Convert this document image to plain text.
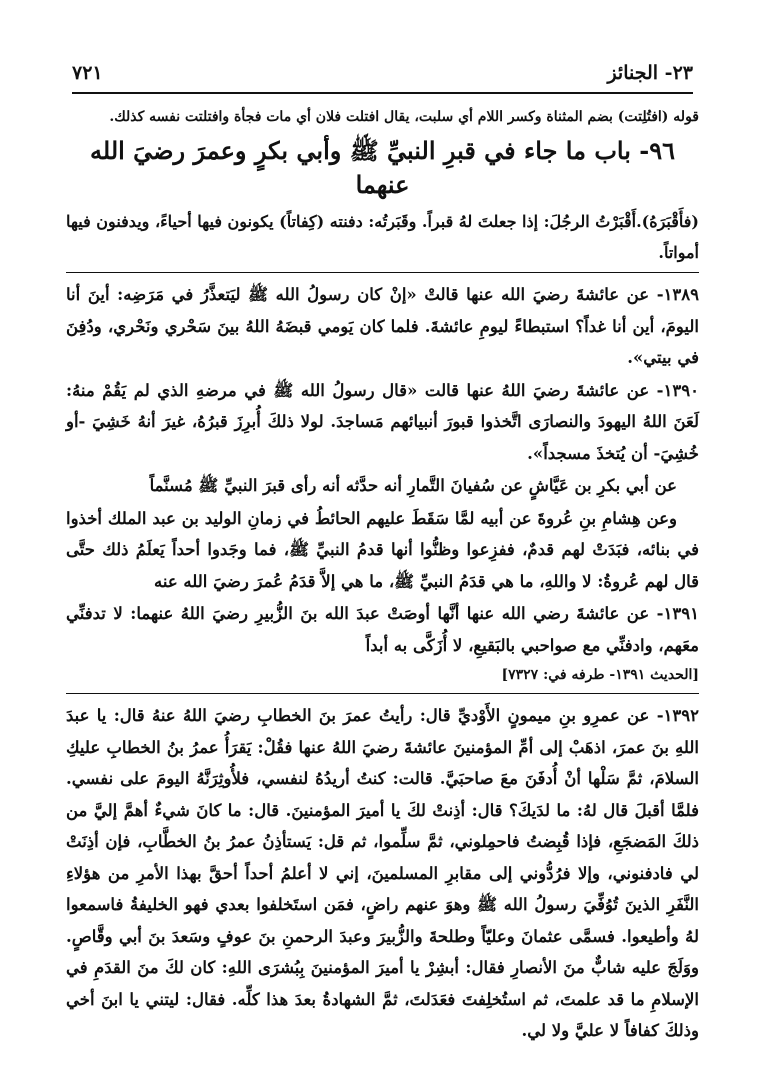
٢٣- الجنائز
٧٢١

قوله (افتُلِتت) بضم المثناة وكسر اللام أي سلبت، يقال افتلت فلان أي مات فجأة وافتلتت نفسه كذلك.

٩٦- باب ما جاء في قبرِ النبيِّ ﷺ وأبي بكرٍ وعمرَ رضيَ الله عنهما

(فأَقْبَرَهُ).أَقْبَرْتُ الرجُلَ: إذا جعلتَ لهُ قبراً. وقَبَرتُه: دفنته (كِفاتاً) يكونون فيها أحياءً، ويدفنون فيها أمواتاً.

١٣٨٩- عن عائشةَ رضيَ الله عنها قالتْ «إنْ كان رسولُ الله ﷺ ليَتعذَّرُ في مَرَضِه: أينَ أنا اليومَ، أين أنا غداً؟ استبطاءً ليومِ عائشةَ. فلما كان يَومي قبضَهُ اللهُ بينَ سَحْري ونَحْري، ودُفِنَ في بيتي».

١٣٩٠- عن عائشةَ رضيَ اللهُ عنها قالت «قال رسولُ الله ﷺ في مرضهِ الذي لم يَقُمْ منهُ: لَعَنَ اللهُ اليهودَ والنصارَى اتَّخذوا قبورَ أنبيائهم مَساجدَ. لولا ذلكَ أُبرِزَ قبرُهُ، غيرَ أنهُ خَشِيَ -أو خُشِيَ- أن يُتخذَ مسجداً».

عن أبي بكرِ بن عَيَّاشٍ عن سُفيانَ التَّمارِ أنه حدَّثه أنه رأى قبرَ النبيِّ ﷺ مُسنَّماً

وعن هِشامِ بنِ عُروةَ عن أبيه لمَّا سَقَطَ عليهم الحائطُ في زمانِ الوليد بن عبد الملك أخذوا في بنائه، فبَدَتْ لهم قدمٌ، ففزِعوا وظنُّوا أنها قدمُ النبيِّ ﷺ، فما وجَدوا أحداً يَعلَمُ ذلك حتَّى قال لهم عُروةُ: لا واللهِ، ما هي قدَمُ النبيِّ ﷺ، ما هي إلاَّ قدَمُ عُمرَ رضيَ الله عنه

١٣٩١- عن عائشةَ رضي الله عنها أنَّها أوصَتْ عبدَ الله بنَ الزُّبيرِ رضيَ اللهُ عنهما: لا تدفنِّي معَهم، وادفنِّي مع صواحبي بالبَقيعِ، لا أُزَكَّى به أبداً

[الحديث ١٣٩١- طرفه في: ٧٣٢٧]

١٣٩٢- عن عمرِو بنِ ميمونٍ الأَوْديِّ قال: رأيتُ عمرَ بنَ الخطابِ رضيَ اللهُ عنهُ قال: يا عبدَ اللهِ بنَ عمرَ، اذهَبْ إلى أمِّ المؤمنينَ عائشةَ رضيَ اللهُ عنها فقُلْ: يَقرَأُ عمرُ بنُ الخطابِ عليكِ السلامَ، ثمَّ سَلْها أنْ أُدفَنَ معَ صاحبَيَّ. قالت: كنتُ أريدُهُ لنفسي، فلأُوثِرَنَّهُ اليومَ على نفسي. فلمَّا أقبلَ قال لهُ: ما لدَيكَ؟ قال: أذِنتْ لكَ يا أميرَ المؤمنينَ. قال: ما كانَ شيءٌ أهمَّ إليَّ من ذلكَ المَضجَعِ، فإذا قُبِضتُ فاحمِلوني، ثمَّ سلِّموا، ثم قل: يَستأذِنُ عمرُ بنُ الخطَّابِ، فإن أذِنَتْ لي فادفنوني، وإلا فرُدُّوني إلى مقابرِ المسلمينَ، إني لا أعلمُ أحداً أحقَّ بهذا الأمرِ من هؤلاءِ النَّفَرِ الذينَ تُوُفِّيَ رسولُ الله ﷺ وهوَ عنهم راضٍ، فمَن استَخلفوا بعدي فهو الخليفةُ فاسمعوا لهُ وأطيعوا. فسمَّى عثمانَ وعليّاً وطلحةَ والزُّبيرَ وعبدَ الرحمنِ بنَ عوفٍ وسَعدَ بنَ أبي وقَّاصٍ. ووَلَجَ عليه شابٌّ منَ الأنصارِ فقال: أبشِرْ يا أميرَ المؤمنينَ بِبُشرَى اللهِ: كان لكَ منَ القدَمِ في الإسلامِ ما قد علمتَ، ثم استُخلِفتَ فعَدَلتَ، ثمَّ الشهادةُ بعدَ هذا كلِّه. فقال: ليتني يا ابنَ أخي وذلكَ كفافاً لا عليَّ ولا لي.
